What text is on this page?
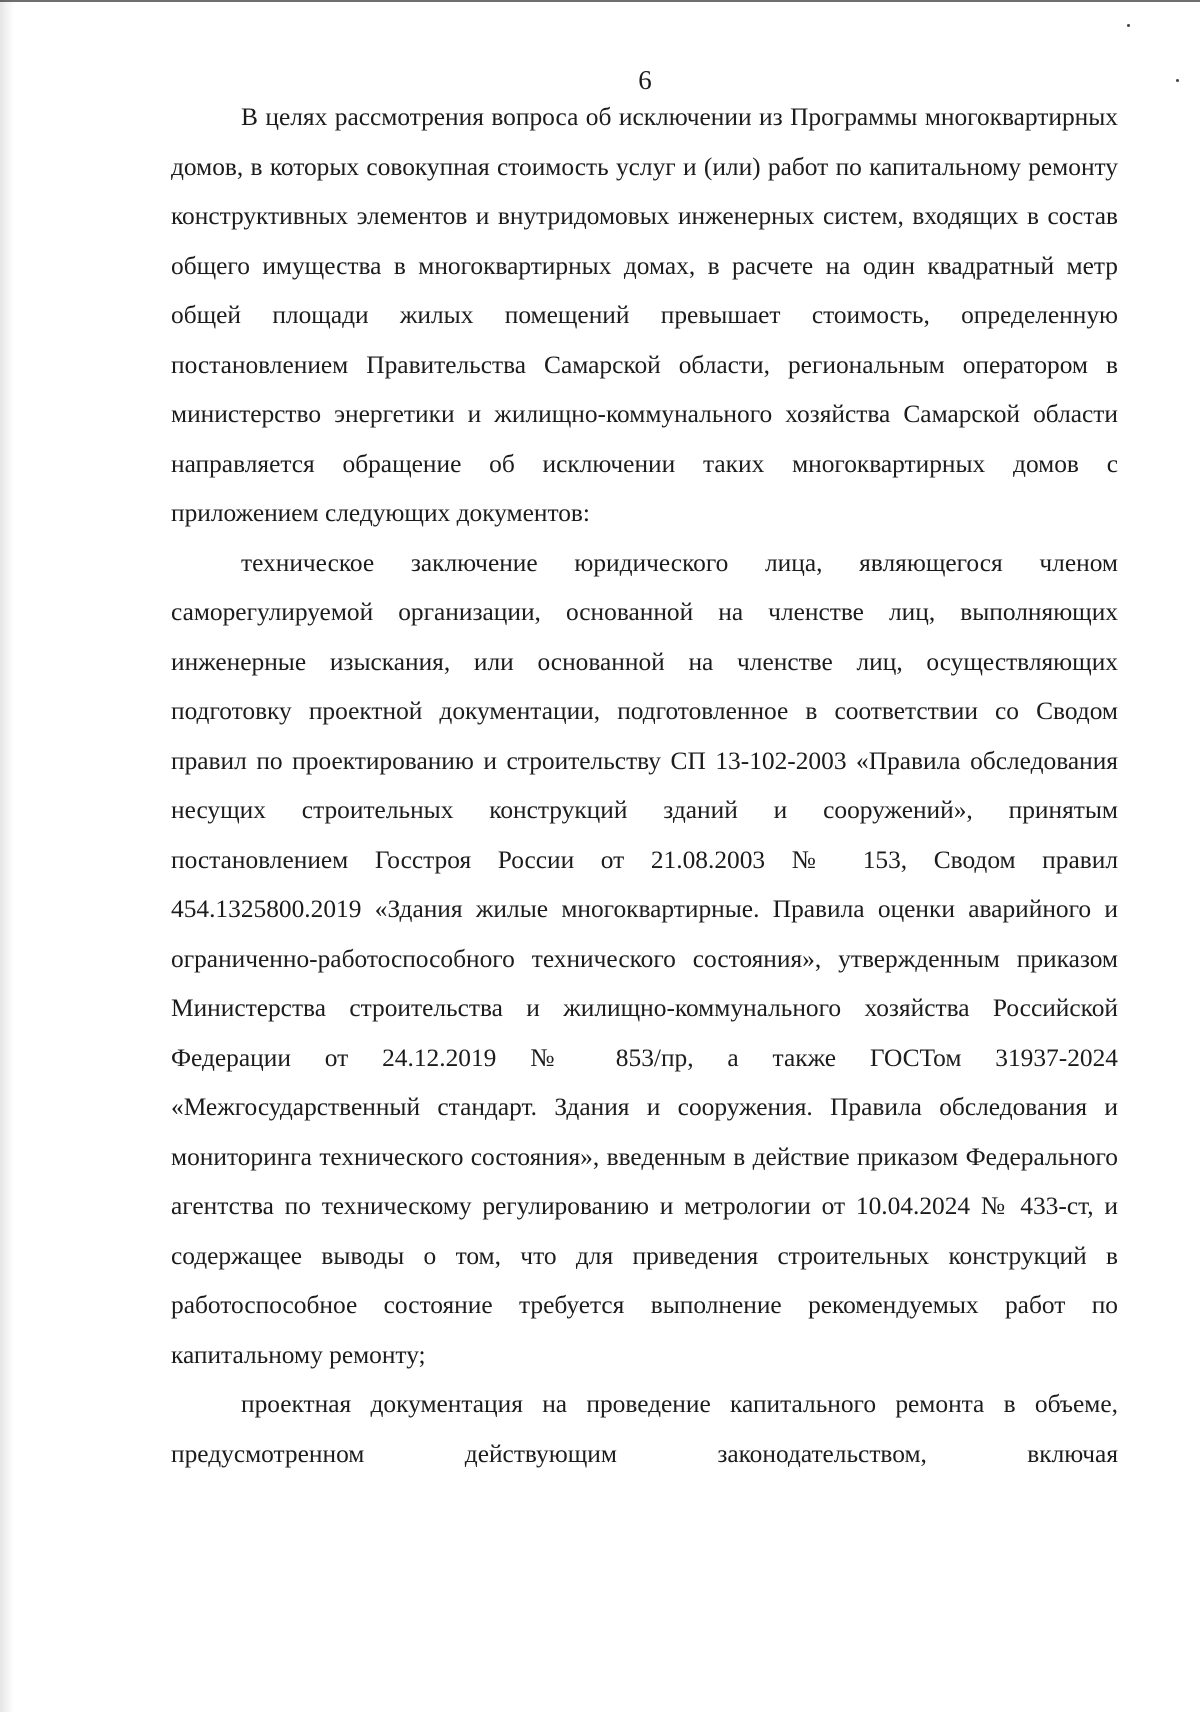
6

В целях рассмотрения вопроса об исключении из Программы многоквартирных домов, в которых совокупная стоимость услуг и (или) работ по капитальному ремонту конструктивных элементов и внутридомовых инженерных систем, входящих в состав общего имущества в многоквартирных домах, в расчете на один квадратный метр общей площади жилых помещений превышает стоимость, определенную постановлением Правительства Самарской области, региональным оператором в министерство энергетики и жилищно-коммунального хозяйства Самарской области направляется обращение об исключении таких многоквартирных домов с приложением следующих документов:

техническое заключение юридического лица, являющегося членом саморегулируемой организации, основанной на членстве лиц, выполняющих инженерные изыскания, или основанной на членстве лиц, осуществляющих подготовку проектной документации, подготовленное в соответствии со Сводом правил по проектированию и строительству СП 13-102-2003 «Правила обследования несущих строительных конструкций зданий и сооружений», принятым постановлением Госстроя России от 21.08.2003 № 153, Сводом правил 454.1325800.2019 «Здания жилые многоквартирные. Правила оценки аварийного и ограниченно-работоспособного технического состояния», утвержденным приказом Министерства строительства и жилищно-коммунального хозяйства Российской Федерации от 24.12.2019 № 853/пр, а также ГОСТом 31937-2024 «Межгосударственный стандарт. Здания и сооружения. Правила обследования и мониторинга технического состояния», введенным в действие приказом Федерального агентства по техническому регулированию и метрологии от 10.04.2024 № 433-ст, и содержащее выводы о том, что для приведения строительных конструкций в работоспособное состояние требуется выполнение рекомендуемых работ по капитальному ремонту;

проектная документация на проведение капитального ремонта в объеме, предусмотренном действующим законодательством, включая
